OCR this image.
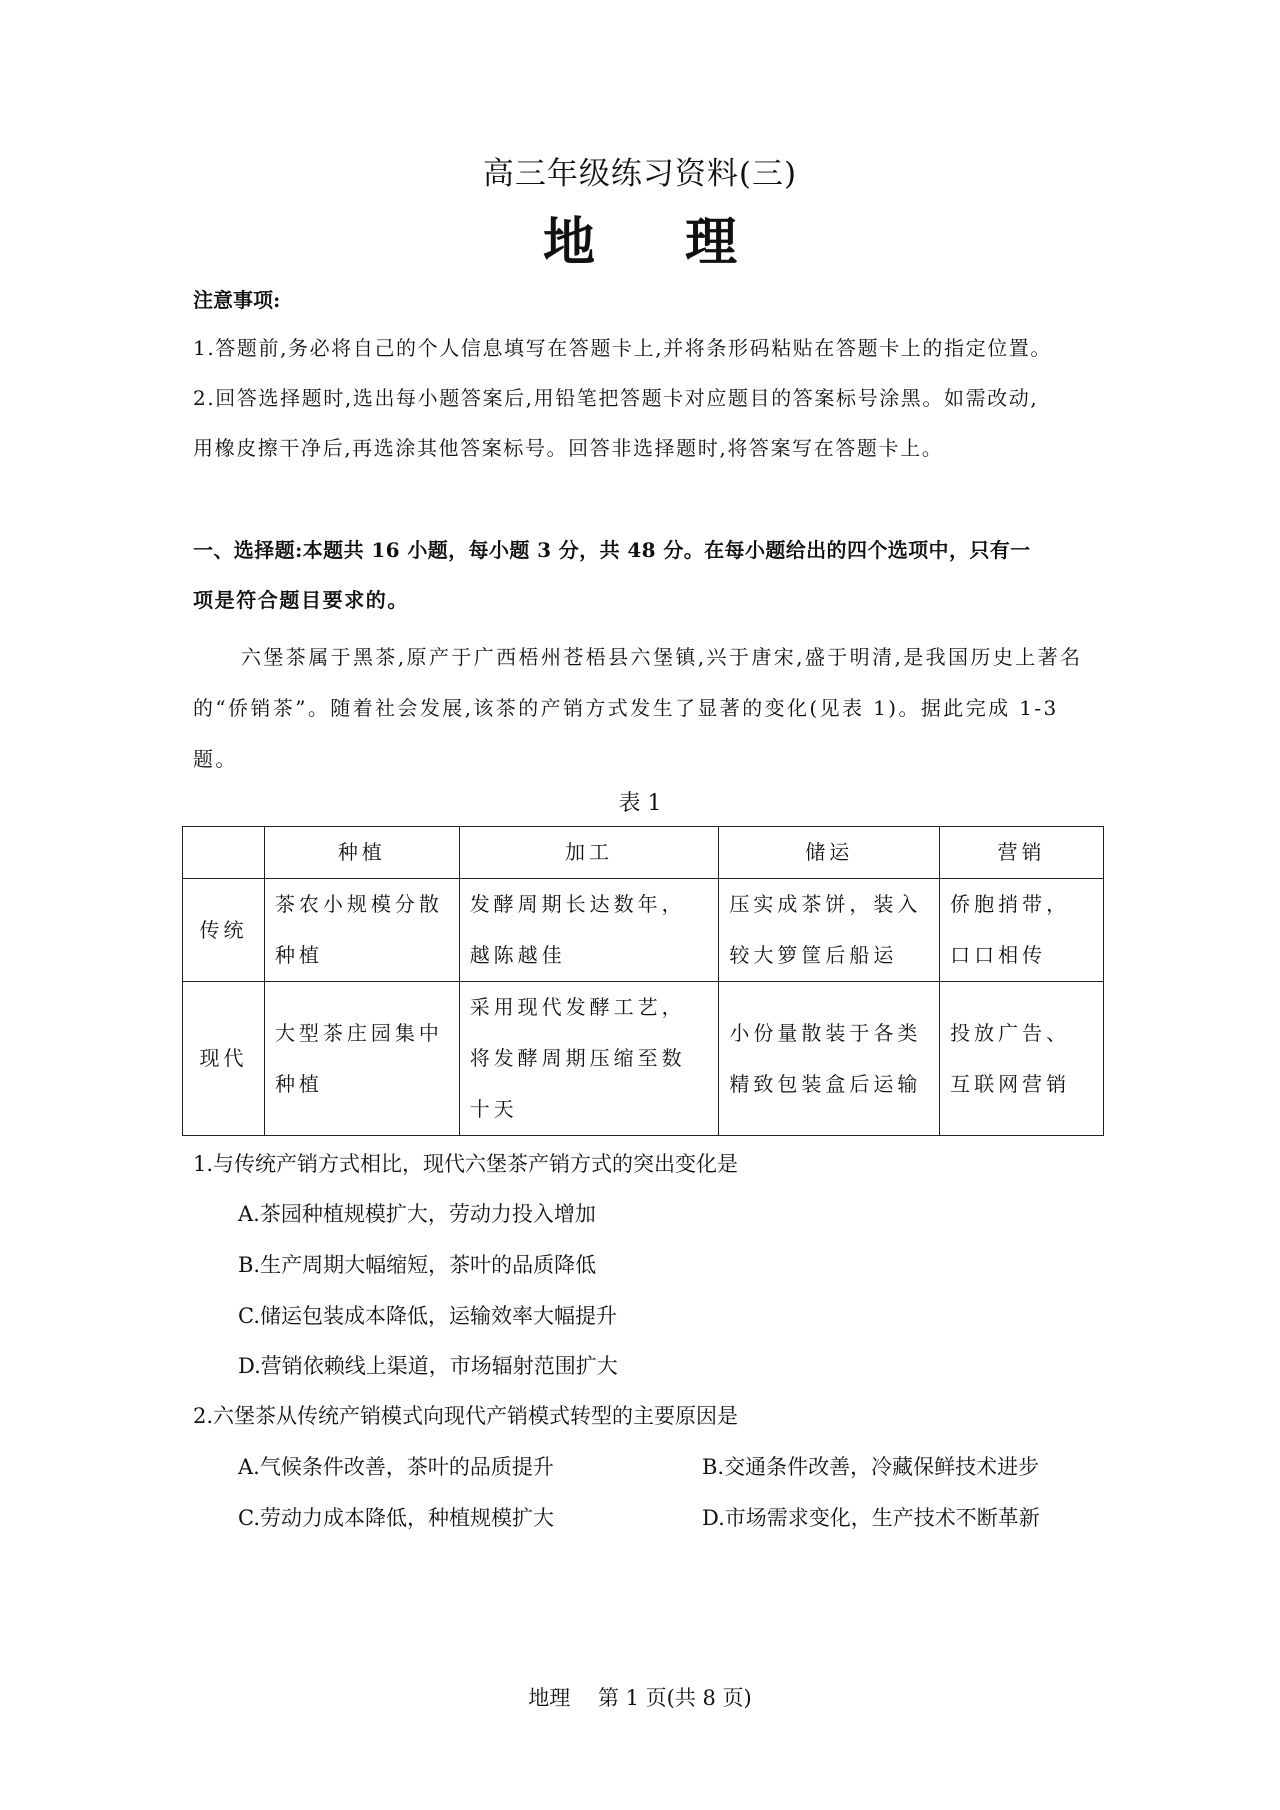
高三年级练习资料(三)
地理
注意事项:
1.答题前,务必将自己的个人信息填写在答题卡上,并将条形码粘贴在答题卡上的指定位置。
2.回答选择题时,选出每小题答案后,用铅笔把答题卡对应题目的答案标号涂黑。如需改动,
用橡皮擦干净后,再选涂其他答案标号。回答非选择题时,将答案写在答题卡上。
一、选择题:本题共 16 小题，每小题 3 分，共 48 分。在每小题给出的四个选项中，只有一
项是符合题目要求的。
六堡茶属于黑茶,原产于广西梧州苍梧县六堡镇,兴于唐宋,盛于明清,是我国历史上著名的“侨销茶”。随着社会发展,该茶的产销方式发生了显著的变化(见表 1)。据此完成 1-3 题。
表 1
	种植	加工	储运	营销
传统	茶农小规模分散种植	发酵周期长达数年，越陈越佳	压实成茶饼，装入较大箩筐后船运	侨胞捎带，口口相传
现代	大型茶庄园集中种植	采用现代发酵工艺，将发酵周期压缩至数十天	小份量散装于各类精致包装盒后运输	投放广告、互联网营销
1.与传统产销方式相比，现代六堡茶产销方式的突出变化是
A.茶园种植规模扩大，劳动力投入增加
B.生产周期大幅缩短，茶叶的品质降低
C.储运包装成本降低，运输效率大幅提升
D.营销依赖线上渠道，市场辐射范围扩大
2.六堡茶从传统产销模式向现代产销模式转型的主要原因是
A.气候条件改善，茶叶的品质提升	B.交通条件改善，冷藏保鲜技术进步
C.劳动力成本降低，种植规模扩大	D.市场需求变化，生产技术不断革新
地理　 第 1 页(共 8 页)
